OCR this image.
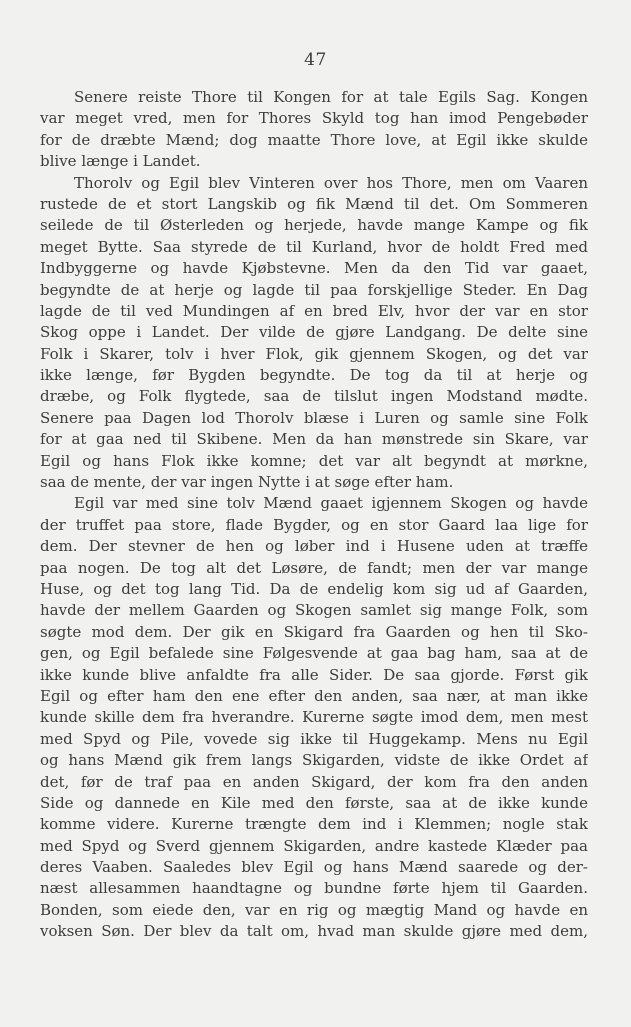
47
Senere reiste Thore til Kongen for at tale Egils Sag. Kongen
var meget vred, men for Thores Skyld tog han imod Pengebøder
for de dræbte Mænd; dog maatte Thore love, at Egil ikke skulde
blive længe i Landet.
Thorolv og Egil blev Vinteren over hos Thore, men om Vaaren
rustede de et stort Langskib og fik Mænd til det. Om Sommeren
seilede de til Østerleden og herjede, havde mange Kampe og fik
meget Bytte. Saa styrede de til Kurland, hvor de holdt Fred med
Indbyggerne og havde Kjøbstevne. Men da den Tid var gaaet,
begyndte de at herje og lagde til paa forskjellige Steder. En Dag
lagde de til ved Mundingen af en bred Elv, hvor der var en stor
Skog oppe i Landet. Der vilde de gjøre Landgang. De delte sine
Folk i Skarer, tolv i hver Flok, gik gjennem Skogen, og det var
ikke længe, før Bygden begyndte. De tog da til at herje og
dræbe, og Folk flygtede, saa de tilslut ingen Modstand mødte.
Senere paa Dagen lod Thorolv blæse i Luren og samle sine Folk
for at gaa ned til Skibene. Men da han mønstrede sin Skare, var
Egil og hans Flok ikke komne; det var alt begyndt at mørkne,
saa de mente, der var ingen Nytte i at søge efter ham.
Egil var med sine tolv Mænd gaaet igjennem Skogen og havde
der truffet paa store, flade Bygder, og en stor Gaard laa lige for
dem. Der stevner de hen og løber ind i Husene uden at træffe
paa nogen. De tog alt det Løsøre, de fandt; men der var mange
Huse, og det tog lang Tid. Da de endelig kom sig ud af Gaarden,
havde der mellem Gaarden og Skogen samlet sig mange Folk, som
søgte mod dem. Der gik en Skigard fra Gaarden og hen til Sko-
gen, og Egil befalede sine Følgesvende at gaa bag ham, saa at de
ikke kunde blive anfaldte fra alle Sider. De saa gjorde. Først gik
Egil og efter ham den ene efter den anden, saa nær, at man ikke
kunde skille dem fra hverandre. Kurerne søgte imod dem, men mest
med Spyd og Pile, vovede sig ikke til Huggekamp. Mens nu Egil
og hans Mænd gik frem langs Skigarden, vidste de ikke Ordet af
det, før de traf paa en anden Skigard, der kom fra den anden
Side og dannede en Kile med den første, saa at de ikke kunde
komme videre. Kurerne trængte dem ind i Klemmen; nogle stak
med Spyd og Sverd gjennem Skigarden, andre kastede Klæder paa
deres Vaaben. Saaledes blev Egil og hans Mænd saarede og der-
næst allesammen haandtagne og bundne førte hjem til Gaarden.
Bonden, som eiede den, var en rig og mægtig Mand og havde en
voksen Søn. Der blev da talt om, hvad man skulde gjøre med dem,
